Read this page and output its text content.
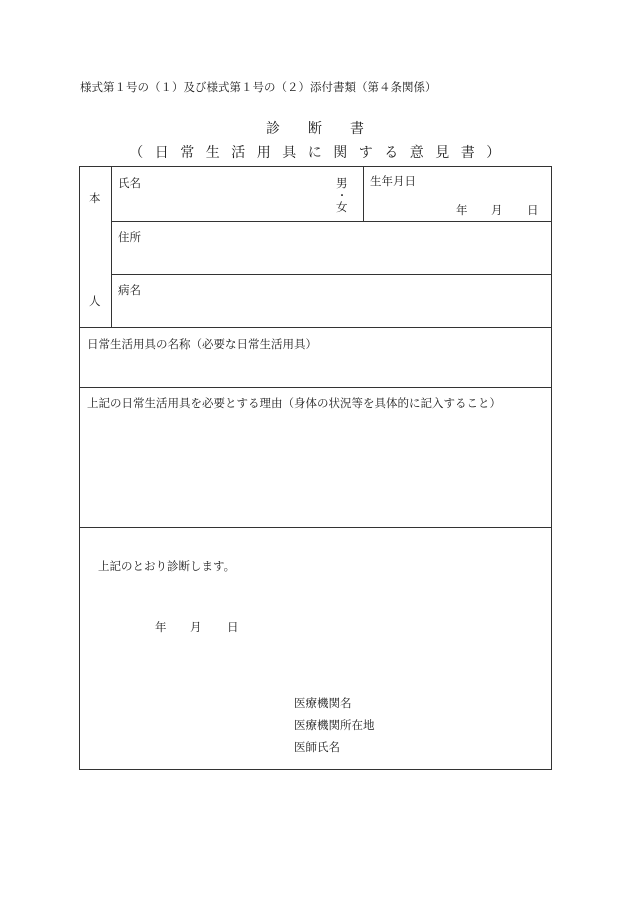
様式第１号の（１）及び様式第１号の（２）添付書類（第４条関係）
診断書
（日常生活用具に関する意見書）
本
人
氏名	男
・
女
生年月日
年 月 日
住所
病名
日常生活用具の名称（必要な日常生活用具）
上記の日常生活用具を必要とする理由（身体の状況等を具体的に記入すること）
上記のとおり診断します。
年 月 日
医療機関名
医療機関所在地
医師氏名
